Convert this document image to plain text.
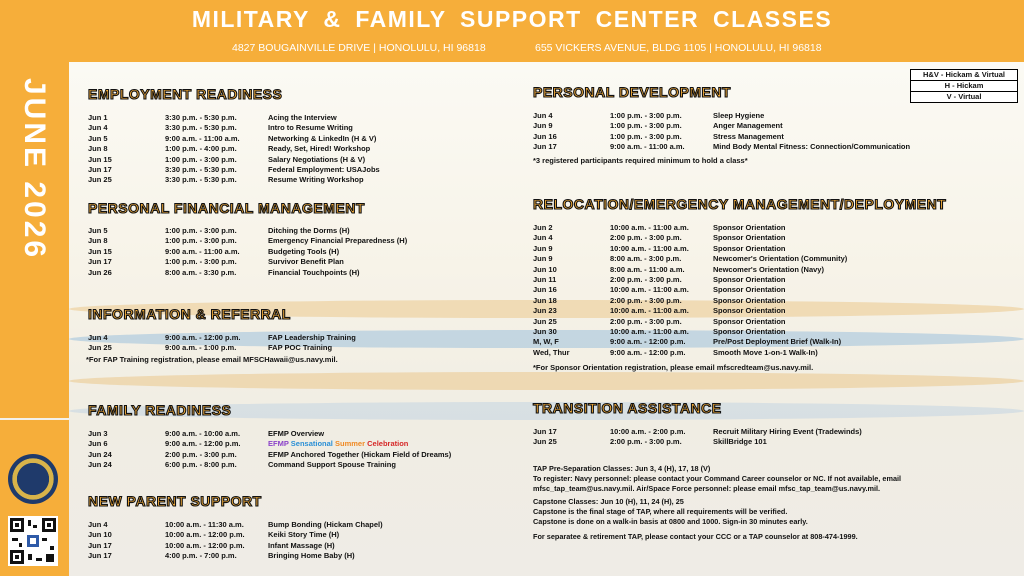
MILITARY & FAMILY SUPPORT CENTER CLASSES
4827 BOUGAINVILLE DRIVE | HONOLULU, HI 96818	655 VICKERS AVENUE, BLDG 1105 | HONOLULU, HI 96818
JUNE 2026
H&V - Hickam & Virtual
H - Hickam
V - Virtual
EMPLOYMENT READINESS
PERSONAL FINANCIAL MANAGEMENT
INFORMATION & REFERRAL
FAMILY READINESS
NEW PARENT SUPPORT
PERSONAL DEVELOPMENT
RELOCATION/EMERGENCY MANAGEMENT/DEPLOYMENT
TRANSITION ASSISTANCE
Jun 1	3:30 p.m. - 5:30 p.m.	Acing the Interview
Jun 4	3:30 p.m. - 5:30 p.m.	Intro to Resume Writing
Jun 5	9:00 a.m. - 11:00 a.m.	Networking & LinkedIn (H & V)
Jun 8	1:00 p.m. - 4:00 p.m.	Ready, Set, Hired! Workshop
Jun 15	1:00 p.m. - 3:00 p.m.	Salary Negotiations (H & V)
Jun 17	3:30 p.m. - 5:30 p.m.	Federal Employment: USAJobs
Jun 25	3:30 p.m. - 5:30 p.m.	Resume Writing Workshop
Jun 5	1:00 p.m. - 3:00 p.m.	Ditching the Dorms (H)
Jun 8	1:00 p.m. - 3:00 p.m.	Emergency Financial Preparedness (H)
Jun 15	9:00 a.m. - 11:00 a.m.	Budgeting Tools (H)
Jun 17	1:00 p.m. - 3:00 p.m.	Survivor Benefit Plan
Jun 26	8:00 a.m. - 3:30 p.m.	Financial Touchpoints (H)
Jun 4	9:00 a.m. - 12:00 p.m.	FAP Leadership Training
Jun 25	9:00 a.m. - 1:00 p.m.	FAP POC Training
*For FAP Training registration, please email MFSCHawaii@us.navy.mil.
Jun 3	9:00 a.m. - 10:00 a.m.	EFMP Overview
Jun 6	9:00 a.m. - 12:00 p.m.	EFMP Sensational Summer Celebration
Jun 24	2:00 p.m. - 3:00 p.m.	EFMP Anchored Together (Hickam Field of Dreams)
Jun 24	6:00 p.m. - 8:00 p.m.	Command Support Spouse Training
Jun 4	10:00 a.m. - 11:30 a.m.	Bump Bonding (Hickam Chapel)
Jun 10	10:00 a.m. - 12:00 p.m.	Keiki Story Time (H)
Jun 17	10:00 a.m. - 12:00 p.m.	Infant Massage (H)
Jun 17	4:00 p.m. - 7:00 p.m.	Bringing Home Baby (H)
Jun 4	1:00 p.m. - 3:00 p.m.	Sleep Hygiene
Jun 9	1:00 p.m. - 3:00 p.m.	Anger Management
Jun 16	1:00 p.m. - 3:00 p.m.	Stress Management
Jun 17	9:00 a.m. - 11:00 a.m.	Mind Body Mental Fitness: Connection/Communication
*3 registered participants required minimum to hold a class*
Jun 2	10:00 a.m. - 11:00 a.m.	Sponsor Orientation
Jun 4	2:00 p.m. - 3:00 p.m.	Sponsor Orientation
Jun 9	10:00 a.m. - 11:00 a.m.	Sponsor Orientation
Jun 9	8:00 a.m. - 3:00 p.m.	Newcomer's Orientation (Community)
Jun 10	8:00 a.m. - 11:00 a.m.	Newcomer's Orientation (Navy)
Jun 11	2:00 p.m. - 3:00 p.m.	Sponsor Orientation
Jun 16	10:00 a.m. - 11:00 a.m.	Sponsor Orientation
Jun 18	2:00 p.m. - 3:00 p.m.	Sponsor Orientation
Jun 23	10:00 a.m. - 11:00 a.m.	Sponsor Orientation
Jun 25	2:00 p.m. - 3:00 p.m.	Sponsor Orientation
Jun 30	10:00 a.m. - 11:00 a.m.	Sponsor Orientation
M, W, F	9:00 a.m. - 12:00 p.m.	Pre/Post Deployment Brief (Walk-In)
Wed, Thur	9:00 a.m. - 12:00 p.m.	Smooth Move 1-on-1 Walk-In)
*For Sponsor Orientation registration, please email mfscredteam@us.navy.mil.
Jun 17	10:00 a.m. - 2:00 p.m.	Recruit Military Hiring Event (Tradewinds)
Jun 25	2:00 p.m. - 3:00 p.m.	SkillBridge 101
TAP Pre-Separation Classes: Jun 3, 4 (H), 17, 18 (V)
To register: Navy personnel: please contact your Command Career counselor or NC. If not available, email mfsc_tap_team@us.navy.mil. Air/Space Force personnel: please email mfsc_tap_team@us.navy.mil.
Capstone Classes: Jun 10 (H), 11, 24 (H), 25
Capstone is the final stage of TAP, where all requirements will be verified.
Capstone is done on a walk-in basis at 0800 and 1000. Sign-in 30 minutes early.
For separatee & retirement TAP, please contact your CCC or a TAP counselor at 808-474-1999.
